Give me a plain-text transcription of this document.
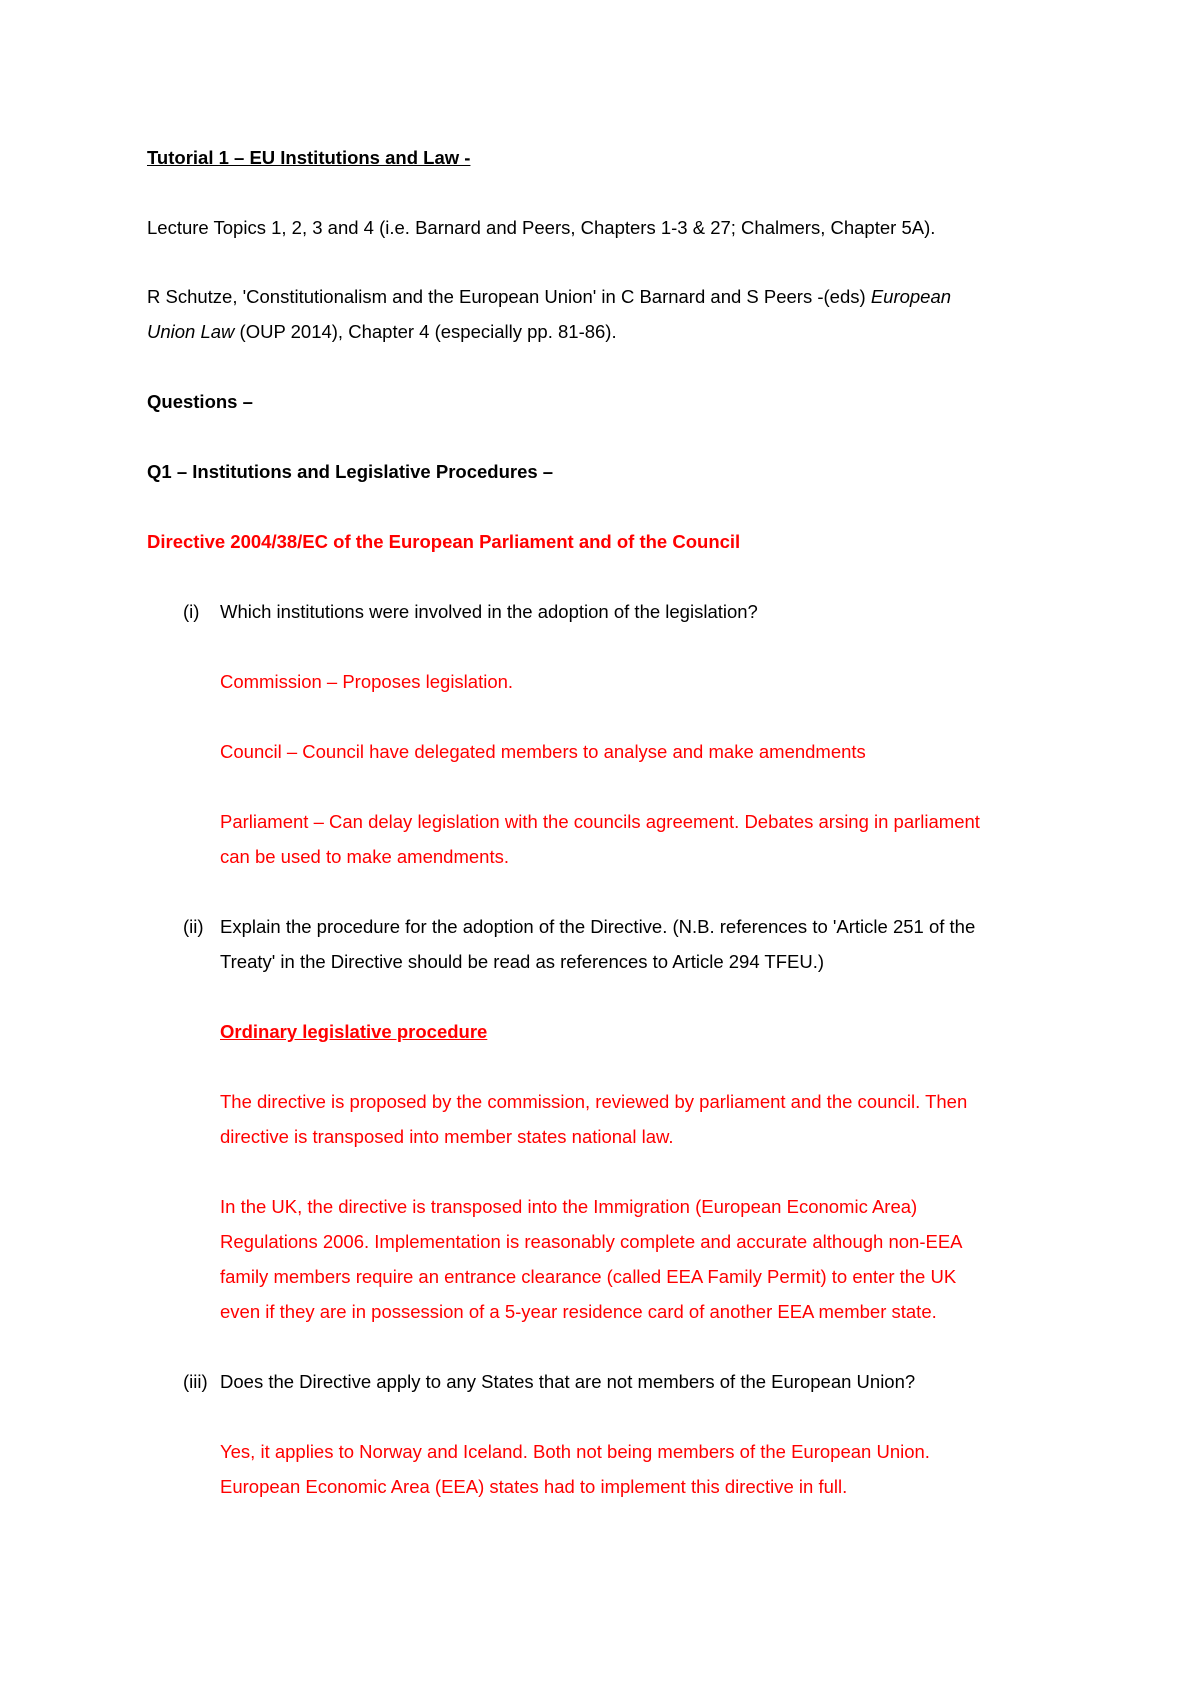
Tutorial 1 – EU Institutions and Law -
Lecture Topics 1, 2, 3 and 4 (i.e. Barnard and Peers, Chapters 1-3 & 27; Chalmers, Chapter 5A).
R Schutze, 'Constitutionalism and the European Union' in C Barnard and S Peers -(eds) European
Union Law (OUP 2014), Chapter 4 (especially pp. 81-86).
Questions –
Q1 – Institutions and Legislative Procedures –
Directive 2004/38/EC of the European Parliament and of the Council
(i) Which institutions were involved in the adoption of the legislation?
Commission – Proposes legislation.
Council – Council have delegated members to analyse and make amendments
Parliament – Can delay legislation with the councils agreement. Debates arsing in parliament
can be used to make amendments.
(ii) Explain the procedure for the adoption of the Directive. (N.B. references to 'Article 251 of the
Treaty' in the Directive should be read as references to Article 294 TFEU.)
Ordinary legislative procedure
The directive is proposed by the commission, reviewed by parliament and the council. Then
directive is transposed into member states national law.
In the UK, the directive is transposed into the Immigration (European Economic Area)
Regulations 2006. Implementation is reasonably complete and accurate although non-EEA
family members require an entrance clearance (called EEA Family Permit) to enter the UK
even if they are in possession of a 5-year residence card of another EEA member state.
(iii) Does the Directive apply to any States that are not members of the European Union?
Yes, it applies to Norway and Iceland. Both not being members of the European Union.
European Economic Area (EEA) states had to implement this directive in full.
